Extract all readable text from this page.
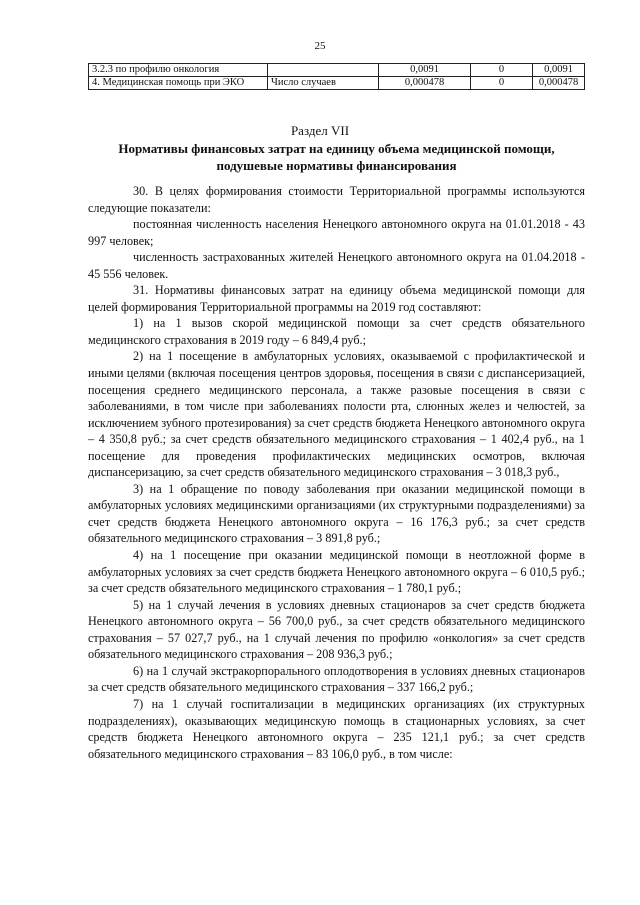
25
3.2.3 по профилю онкология		0,0091	0	0,0091
4. Медицинская помощь при ЭКО	Число случаев	0,000478	0	0,000478
Раздел VII
Нормативы финансовых затрат на единицу объема медицинской помощи, подушевые нормативы финансирования

30. В целях формирования стоимости Территориальной программы используются следующие показатели:

постоянная численность населения Ненецкого автономного округа на 01.01.2018 - 43 997 человек;

численность застрахованных жителей Ненецкого автономного округа на 01.04.2018 - 45 556 человек.

31. Нормативы финансовых затрат на единицу объема медицинской помощи для целей формирования Территориальной программы на 2019 год составляют:

1) на 1 вызов скорой медицинской помощи за счет средств обязательного медицинского страхования в 2019 году – 6 849,4 руб.;

2) на 1 посещение в амбулаторных условиях, оказываемой с профилактической и иными целями (включая посещения центров здоровья, посещения в связи с диспансеризацией, посещения среднего медицинского персонала, а также разовые посещения в связи с заболеваниями, в том числе при заболеваниях полости рта, слюнных желез и челюстей, за исключением зубного протезирования) за счет средств бюджета Ненецкого автономного округа – 4 350,8 руб.; за счет средств обязательного медицинского страхования – 1 402,4 руб., на 1 посещение для проведения профилактических медицинских осмотров, включая диспансеризацию, за счет средств обязательного медицинского страхования – 3 018,3 руб.,

3) на 1 обращение по поводу заболевания при оказании медицинской помощи в амбулаторных условиях медицинскими организациями (их структурными подразделениями) за счет средств бюджета Ненецкого автономного округа – 16 176,3 руб.; за счет средств обязательного медицинского страхования – 3 891,8 руб.;

4) на 1 посещение при оказании медицинской помощи в неотложной форме в амбулаторных условиях за счет средств бюджета Ненецкого автономного округа – 6 010,5 руб.; за счет средств обязательного медицинского страхования – 1 780,1 руб.;

5) на 1 случай лечения в условиях дневных стационаров за счет средств бюджета Ненецкого автономного округа – 56 700,0 руб., за счет средств обязательного медицинского страхования – 57 027,7 руб., на 1 случай лечения по профилю «онкология» за счет средств обязательного медицинского страхования – 208 936,3 руб.;

6) на 1 случай экстракорпорального оплодотворения в условиях дневных стационаров за счет средств обязательного медицинского страхования – 337 166,2 руб.;

7) на 1 случай госпитализации в медицинских организациях (их структурных подразделениях), оказывающих медицинскую помощь в стационарных условиях, за счет средств бюджета Ненецкого автономного округа – 235 121,1 руб.; за счет средств обязательного медицинского страхования – 83 106,0 руб., в том числе:
